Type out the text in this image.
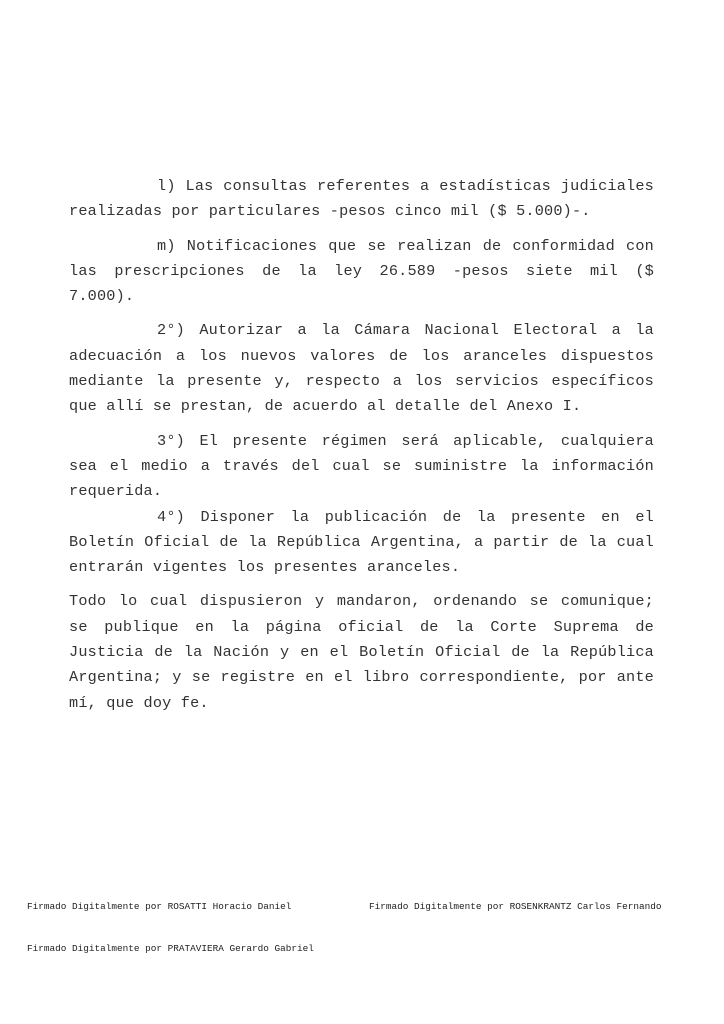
l) Las consultas referentes a estadísticas judiciales realizadas por particulares -pesos cinco mil ($ 5.000)-.

m) Notificaciones que se realizan de conformidad con las prescripciones de la ley 26.589 -pesos siete mil ($ 7.000).

2°) Autorizar a la Cámara Nacional Electoral a la adecuación a los nuevos valores de los aranceles dispuestos mediante la presente y, respecto a los servicios específicos que allí se prestan, de acuerdo al detalle del Anexo I.

3°) El presente régimen será aplicable, cualquiera sea el medio a través del cual se suministre la información requerida.

4°) Disponer la publicación de la presente en el Boletín Oficial de la República Argentina, a partir de la cual entrarán vigentes los presentes aranceles.

Todo lo cual dispusieron y mandaron, ordenando se comunique; se publique en la página oficial de la Corte Suprema de Justicia de la Nación y en el Boletín Oficial de la República Argentina; y se registre en el libro correspondiente, por ante mí, que doy fe.

Firmado Digitalmente por ROSATTI Horacio Daniel	Firmado Digitalmente por ROSENKRANTZ Carlos Fernando
Firmado Digitalmente por PRATAVIERA Gerardo Gabriel
